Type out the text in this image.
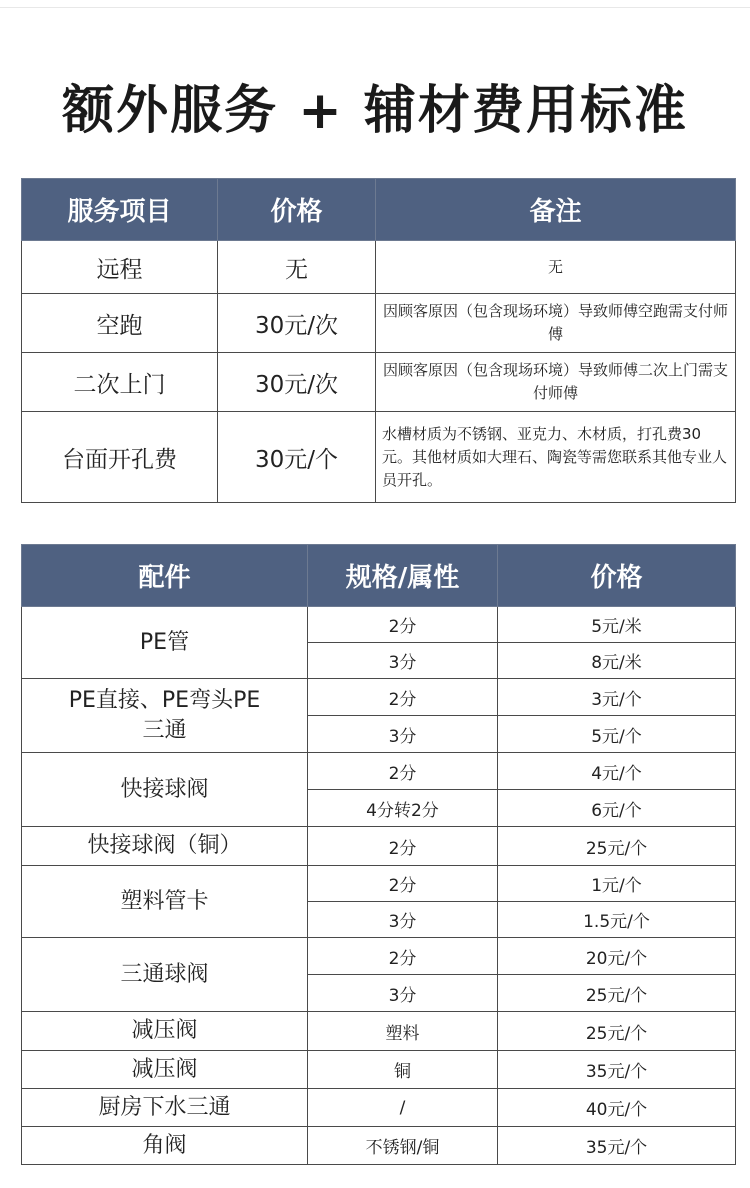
额外服务 + 辅材费用标准
服务项目	价格	备注
远程	无	无
空跑	30元/次	因顾客原因（包含现场环境）导致师傅空跑需支付师傅
二次上门	30元/次	因顾客原因（包含现场环境）导致师傅二次上门需支付师傅
台面开孔费	30元/个	水槽材质为不锈钢、亚克力、木材质，打孔费30元。其他材质如大理石、陶瓷等需您联系其他专业人员开孔。
配件	规格/属性	价格
PE管	2分	5元/米
	3分	8元/米
PE直接、PE弯头PE三通	2分	3元/个
	3分	5元/个
快接球阀	2分	4元/个
	4分转2分	6元/个
快接球阀（铜）	2分	25元/个
塑料管卡	2分	1元/个
	3分	1.5元/个
三通球阀	2分	20元/个
	3分	25元/个
减压阀	塑料	25元/个
减压阀	铜	35元/个
厨房下水三通	/	40元/个
角阀	不锈钢/铜	35元/个
